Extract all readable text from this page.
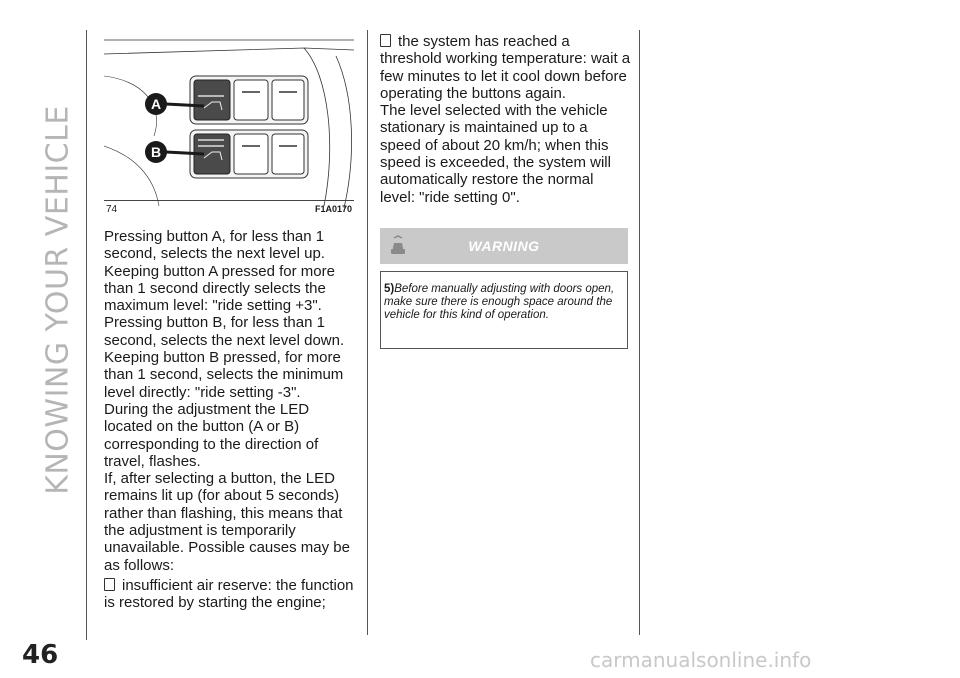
KNOWING YOUR VEHICLE
A
B
74	F1A0170

Pressing button A, for less than 1 second, selects the next level up. Keeping button A pressed for more than 1 second directly selects the maximum level: "ride setting +3".

Pressing button B, for less than 1 second, selects the next level down. Keeping button B pressed, for more than 1 second, selects the minimum level directly: "ride setting -3".

During the adjustment the LED located on the button (A or B) corresponding to the direction of travel, flashes.

If, after selecting a button, the LED remains lit up (for about 5 seconds) rather than flashing, this means that the adjustment is temporarily unavailable. Possible causes may be as follows:

insufficient air reserve: the function is restored by starting the engine;

the system has reached a threshold working temperature: wait a few minutes to let it cool down before operating the buttons again.

The level selected with the vehicle stationary is maintained up to a speed of about 20 km/h; when this speed is exceeded, the system will automatically restore the normal level: "ride setting 0".

WARNING
5)Before manually adjusting with doors open, make sure there is enough space around the vehicle for this kind of operation.
46	carmanualsonline.info
